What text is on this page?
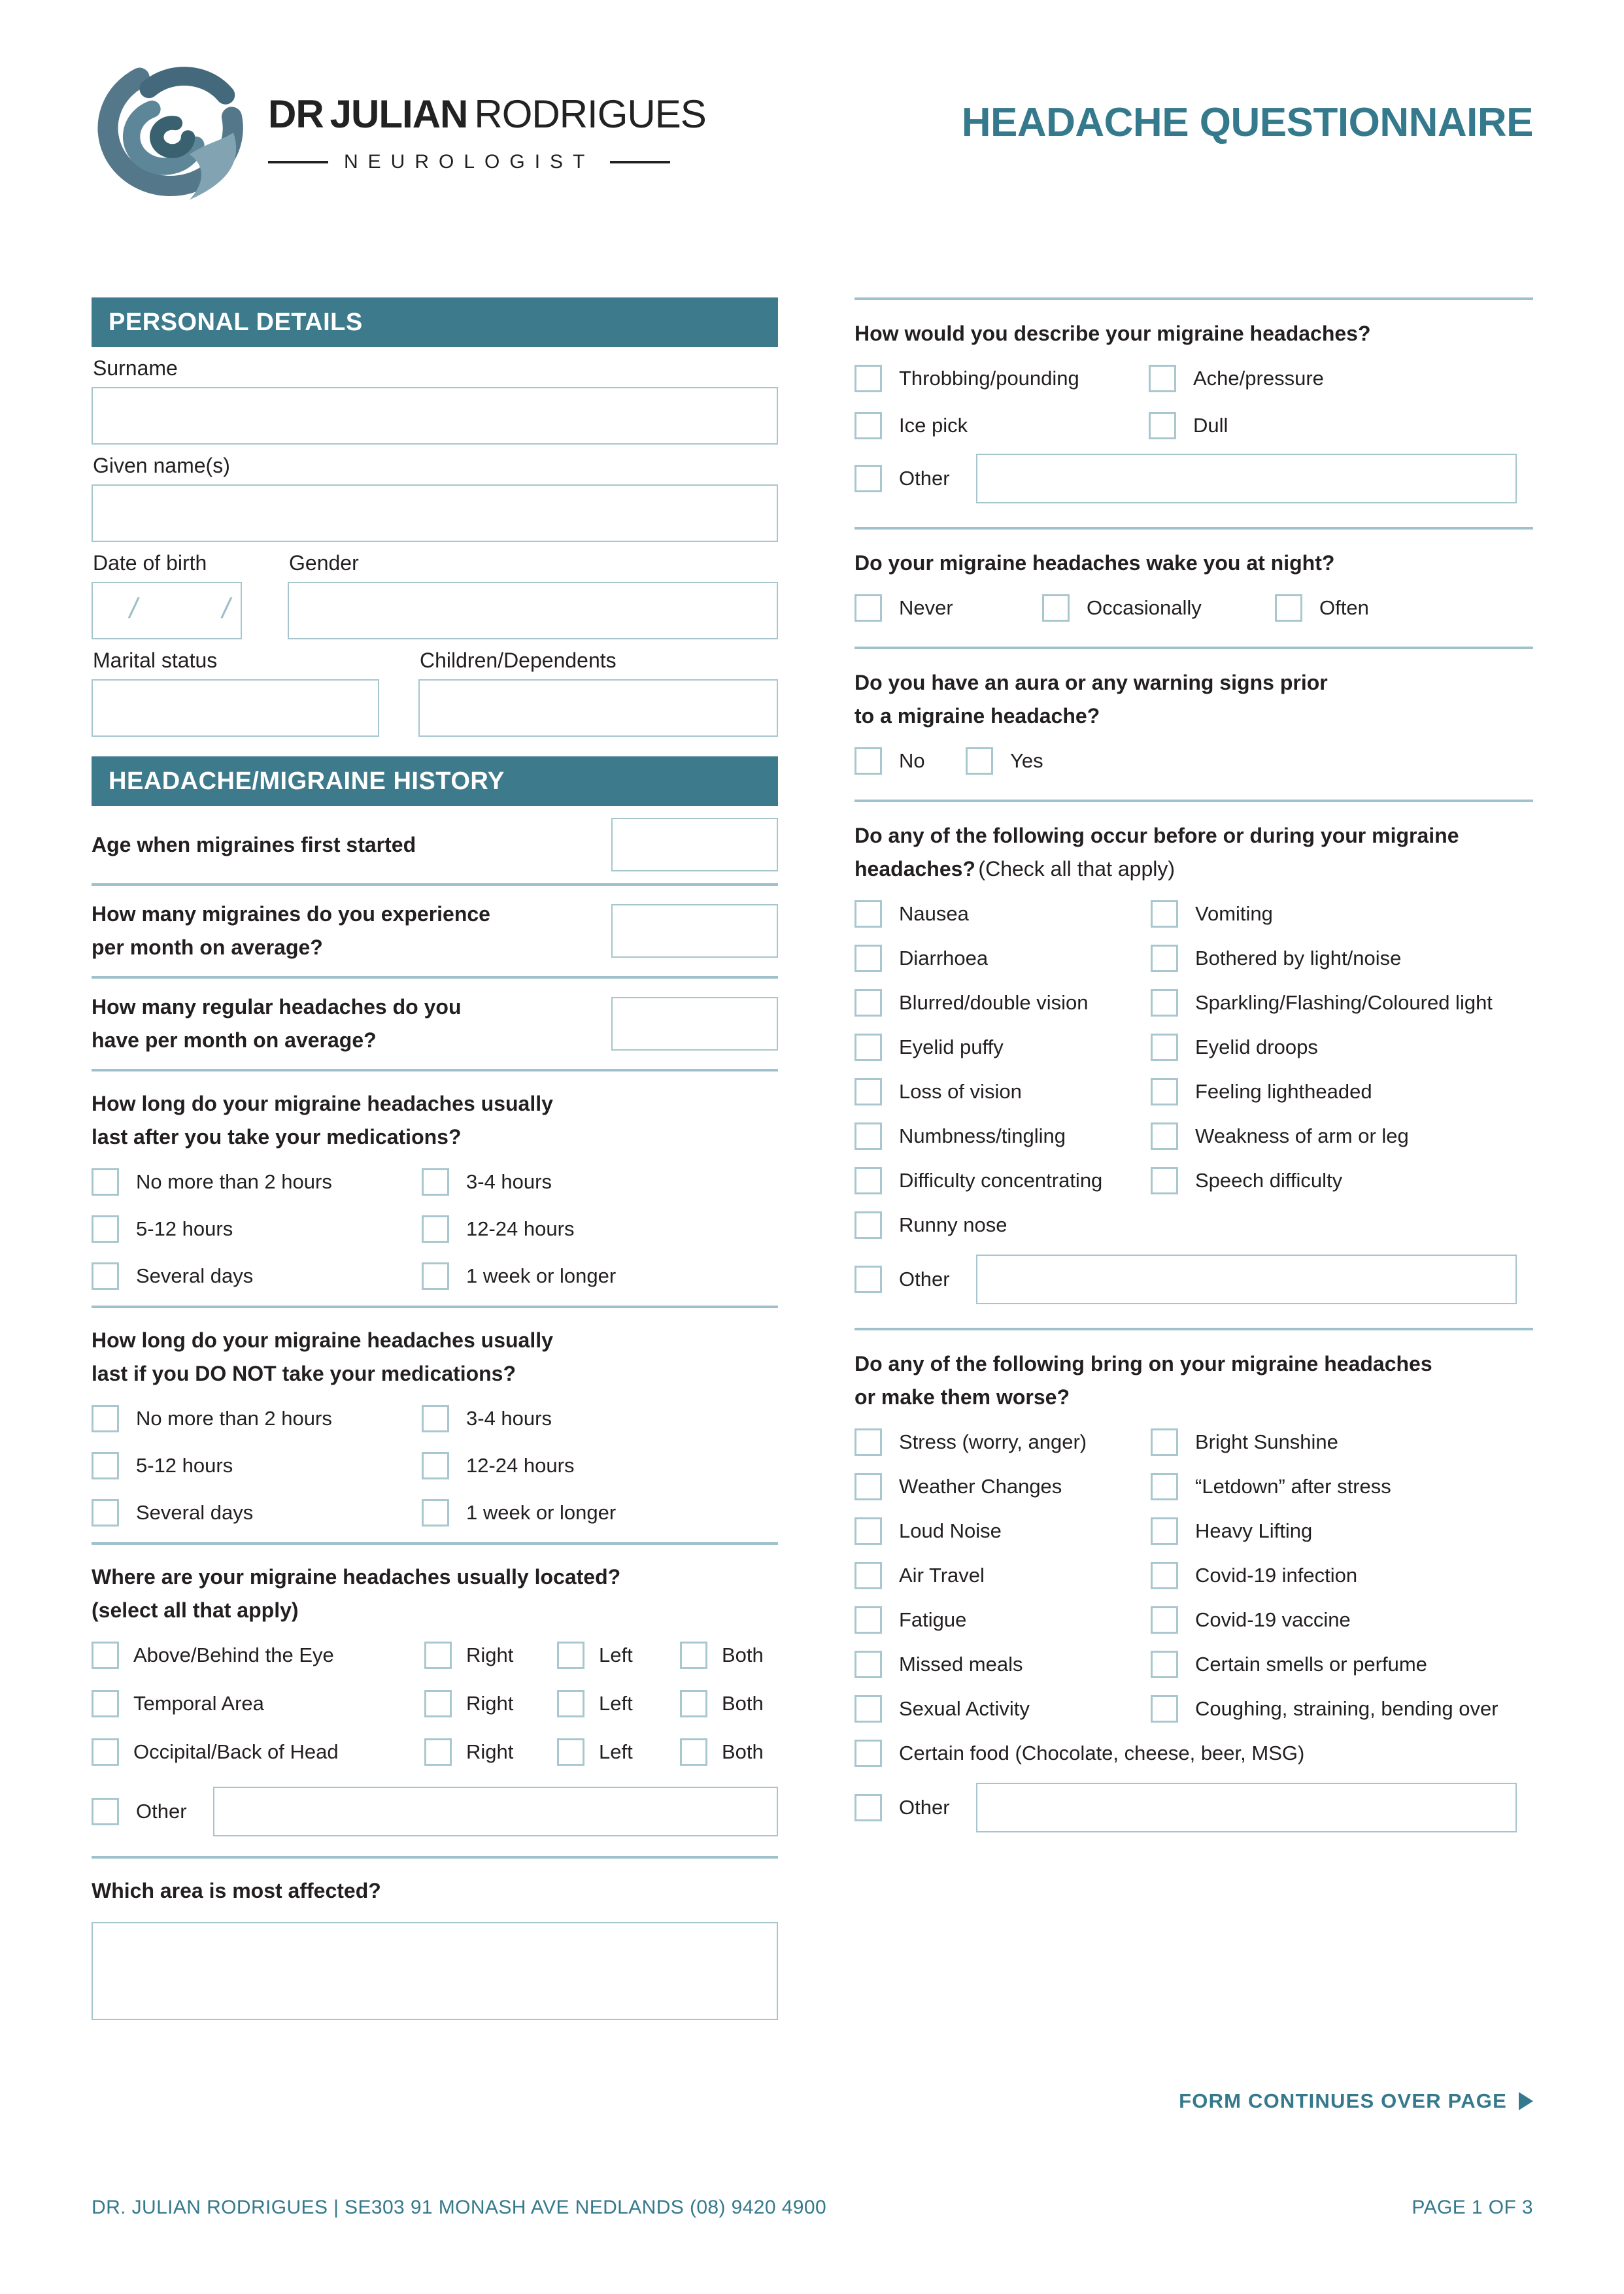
DR JULIAN RODRIGUES
NEUROLOGIST
HEADACHE QUESTIONNAIRE
PERSONAL DETAILS
Surname
Given name(s)
Date of birth
/      /
Gender
Marital status	Children/Dependents
HEADACHE/MIGRAINE HISTORY
Age when migraines first started
How many migraines do you experience
per month on average?
How many regular headaches do you
have per month on average?
How long do your migraine headaches usually
last after you take your medications?
No more than 2 hours	3-4 hours
5-12 hours	12-24 hours
Several days	1 week or longer
How long do your migraine headaches usually
last if you DO NOT take your medications?
No more than 2 hours	3-4 hours
5-12 hours	12-24 hours
Several days	1 week or longer
Where are your migraine headaches usually located?
(select all that apply)
Above/Behind the Eye	Right	Left	Both
Temporal Area	Right	Left	Both
Occipital/Back of Head	Right	Left	Both
Other
Which area is most affected?
How would you describe your migraine headaches?
Throbbing/pounding	Ache/pressure
Ice pick	Dull
Other
Do your migraine headaches wake you at night?
Never	Occasionally	Often
Do you have an aura or any warning signs prior
to a migraine headache?
No	Yes
Do any of the following occur before or during your migraine headaches? (Check all that apply)
Nausea	Vomiting
Diarrhoea	Bothered by light/noise
Blurred/double vision	Sparkling/Flashing/Coloured light
Eyelid puffy	Eyelid droops
Loss of vision	Feeling lightheaded
Numbness/tingling	Weakness of arm or leg
Difficulty concentrating	Speech difficulty
Runny nose
Other
Do any of the following bring on your migraine headaches
or make them worse?
Stress (worry, anger)	Bright Sunshine
Weather Changes	“Letdown” after stress
Loud Noise	Heavy Lifting
Air Travel	Covid-19 infection
Fatigue	Covid-19 vaccine
Missed meals	Certain smells or perfume
Sexual Activity	Coughing, straining, bending over
Certain food (Chocolate, cheese, beer, MSG)
Other
FORM CONTINUES OVER PAGE
DR. JULIAN RODRIGUES | SE303 91 MONASH AVE NEDLANDS (08) 9420 4900	PAGE 1 OF 3
